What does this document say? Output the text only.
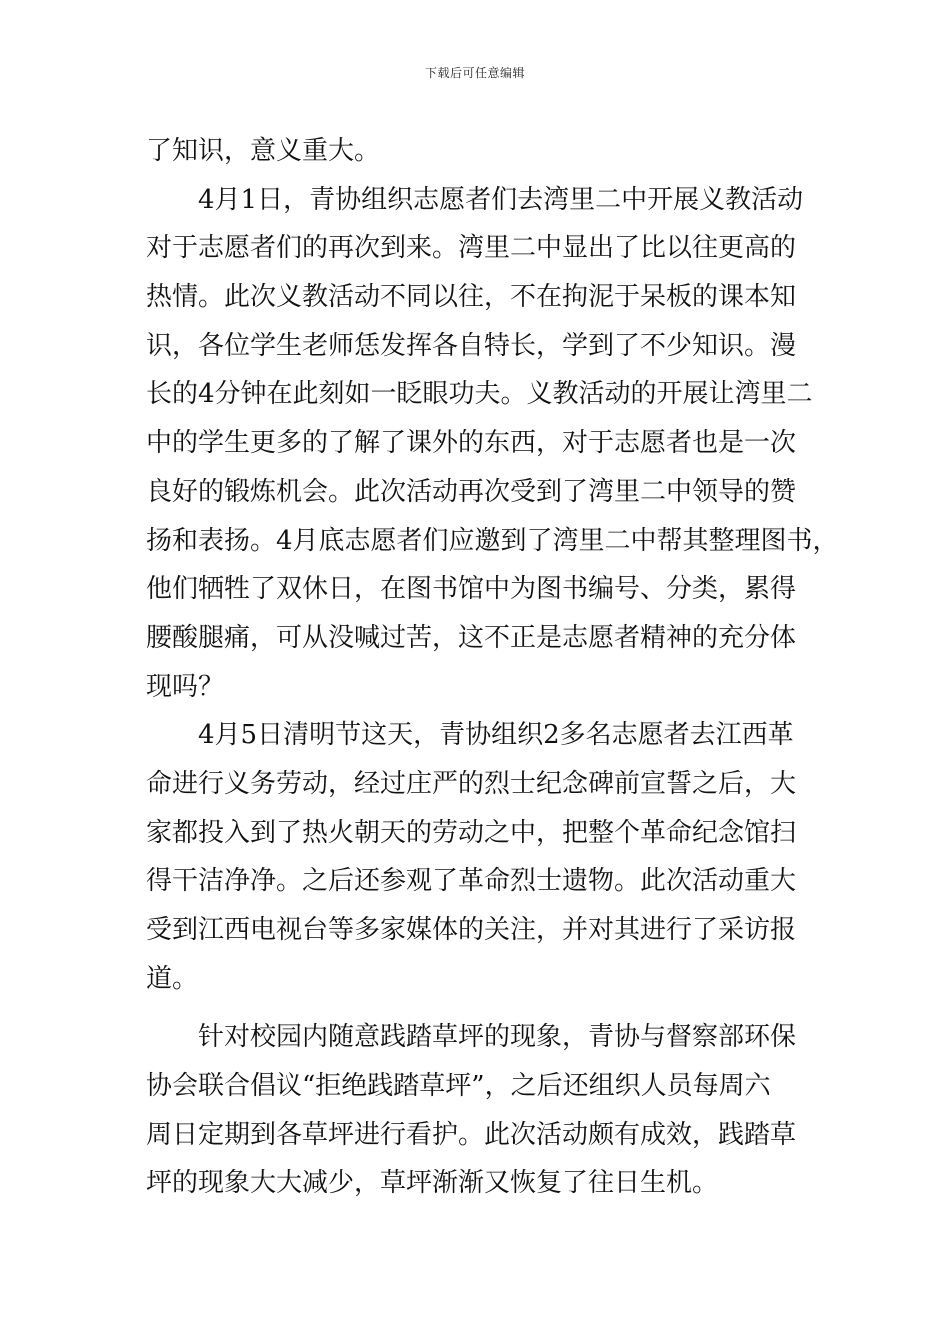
下载后可任意编辑
了知识，意义重大。
4月1日，青协组织志愿者们去湾里二中开展义教活动
对于志愿者们的再次到来。湾里二中显出了比以往更高的
热情。此次义教活动不同以往，不在拘泥于呆板的课本知
识，各位学生老师恁发挥各自特长，学到了不少知识。漫
长的4分钟在此刻如一眨眼功夫。义教活动的开展让湾里二
中的学生更多的了解了课外的东西，对于志愿者也是一次
良好的锻炼机会。此次活动再次受到了湾里二中领导的赞
扬和表扬。4月底志愿者们应邀到了湾里二中帮其整理图书，
他们牺牲了双休日，在图书馆中为图书编号、分类，累得
腰酸腿痛，可从没喊过苦，这不正是志愿者精神的充分体
现吗？
4月5日清明节这天，青协组织2多名志愿者去江西革
命进行义务劳动，经过庄严的烈士纪念碑前宣誓之后，大
家都投入到了热火朝天的劳动之中，把整个革命纪念馆扫
得干洁净净。之后还参观了革命烈士遗物。此次活动重大
受到江西电视台等多家媒体的关注，并对其进行了采访报
道。
针对校园内随意践踏草坪的现象，青协与督察部环保
协会联合倡议“拒绝践踏草坪”，之后还组织人员每周六
周日定期到各草坪进行看护。此次活动颇有成效，践踏草
坪的现象大大减少，草坪渐渐又恢复了往日生机。
